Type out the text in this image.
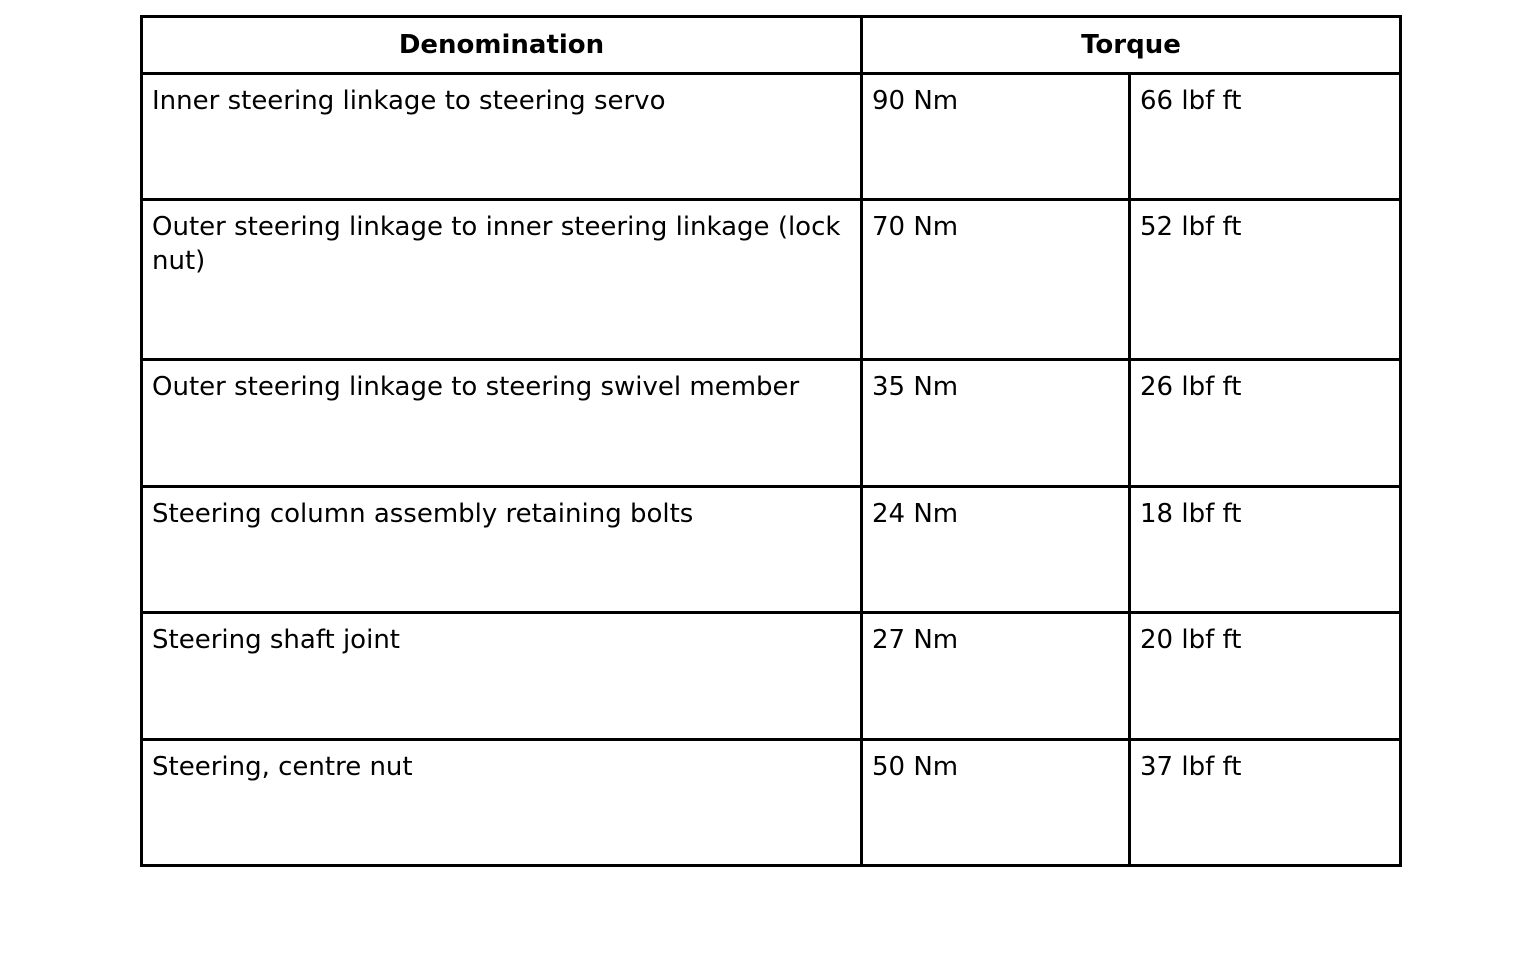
Denomination	Torque	
Inner steering linkage to steering servo	90 Nm	66 lbf ft
Outer steering linkage to inner steering linkage (lock nut)	70 Nm	52 lbf ft
Outer steering linkage to steering swivel member	35 Nm	26 lbf ft
Steering column assembly retaining bolts	24 Nm	18 lbf ft
Steering shaft joint	27 Nm	20 lbf ft
Steering, centre nut	50 Nm	37 lbf ft
